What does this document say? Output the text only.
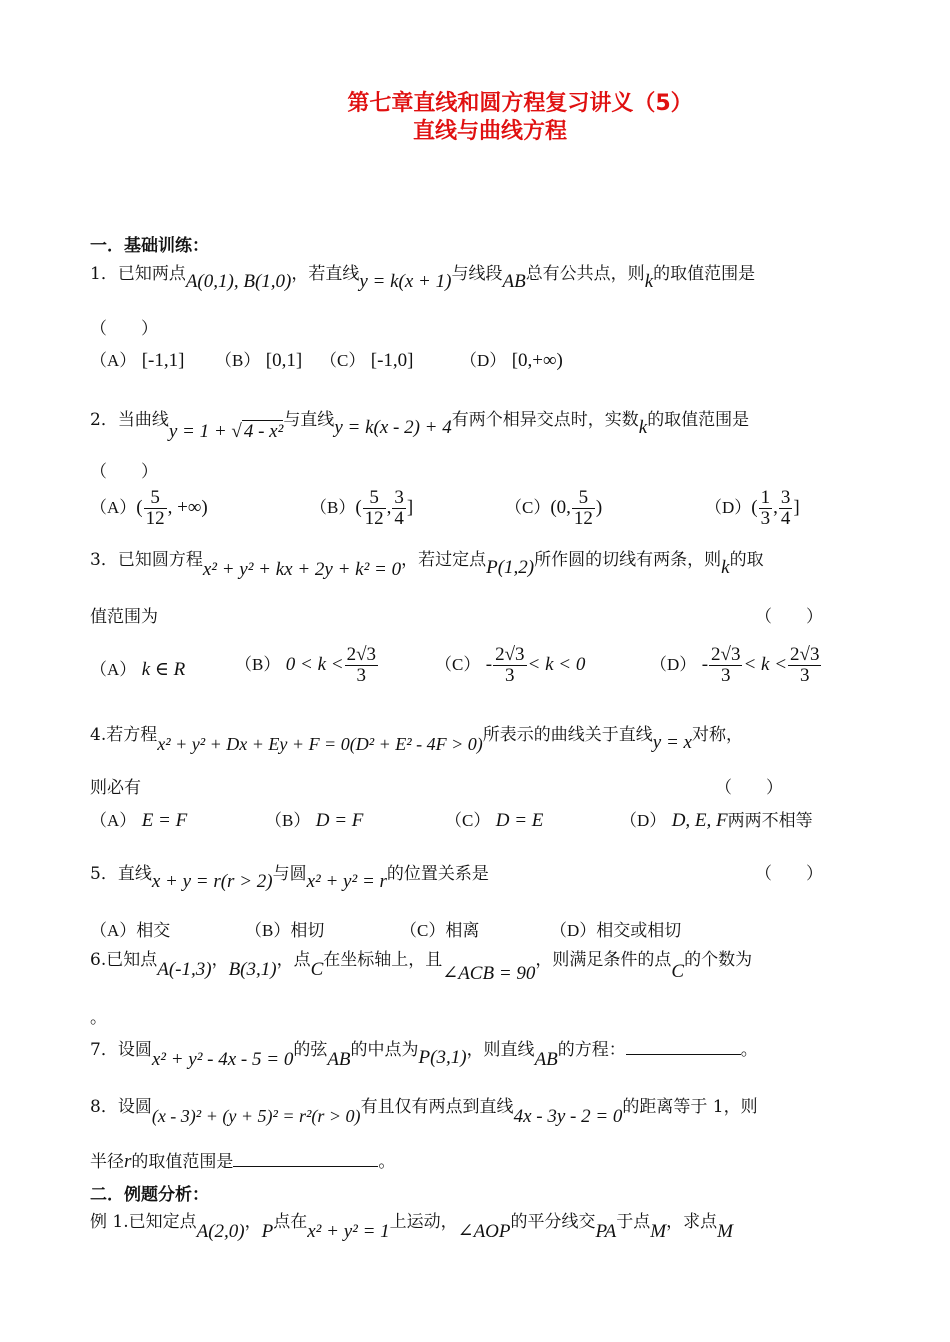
第七章直线和圆方程复习讲义（5）
直线与曲线方程
一．基础训练：
1．已知两点A(0,1), B(1,0)，若直线y = k(x + 1)与线段AB总有公共点，则k的取值范围是
（　　）
（A） [-1,1] （B） [0,1] （C） [-1,0]	（D） [0,+∞)
2．当曲线y = 1 + √ 4 - x²与直线y = k(x - 2) + 4有两个相异交点时，实数k的取值范围是
（　　）
$(A)( \frac{5}{12}$ , +∞)	$(B)( \frac{5}{12}$ , $\frac{3}{4}$ ]	（C）(0, $\frac{5}{12}$ )	$(D)( \frac{1}{3}$ , $\frac{3}{4}$ ]
3．已知圆方程x² + y² + kx + 2y + k² = 0，若过定点P(1,2)所作圆的切线有两条，则k的取
值范围为	（　　）
（A） k ∈ R	（B） $0 < k < \frac{2√3}{3}$	$(C) - \frac{2√3}{3} < k < 0$	$(D) - \frac{2√3}{3} < k < \frac{2√3}{3}$
4.若方程x² + y² + Dx + Ey + F = 0(D² + E² - 4F > 0)所表示的曲线关于直线y = x对称，
则必有	（　　）
（A） E = F	（B） D = F	（C） D = E	（D） D, E, F两两不相等
5．直线x + y = r(r > 2)与圆x² + y² = r的位置关系是	（　　）
（A）相交	（B）相切	（C）相离	（D）相交或相切
6.已知点A(-1,3)，B(3,1)，点C在坐标轴上，且∠ACB = 90，则满足条件的点C的个数为
。
7．设圆x² + y² - 4x - 5 = 0的弦AB的中点为P(3,1)，则直线AB的方程：	。
8．设圆(x - 3)² + (y + 5)² = r²(r > 0)有且仅有两点到直线4x - 3y - 2 = 0的距离等于 1，则
半径r的取值范围是	。
二．例题分析：
例 1.已知定点A(2,0)，P点在x² + y² = 1上运动，∠AOP的平分线交PA于点M，求点M
